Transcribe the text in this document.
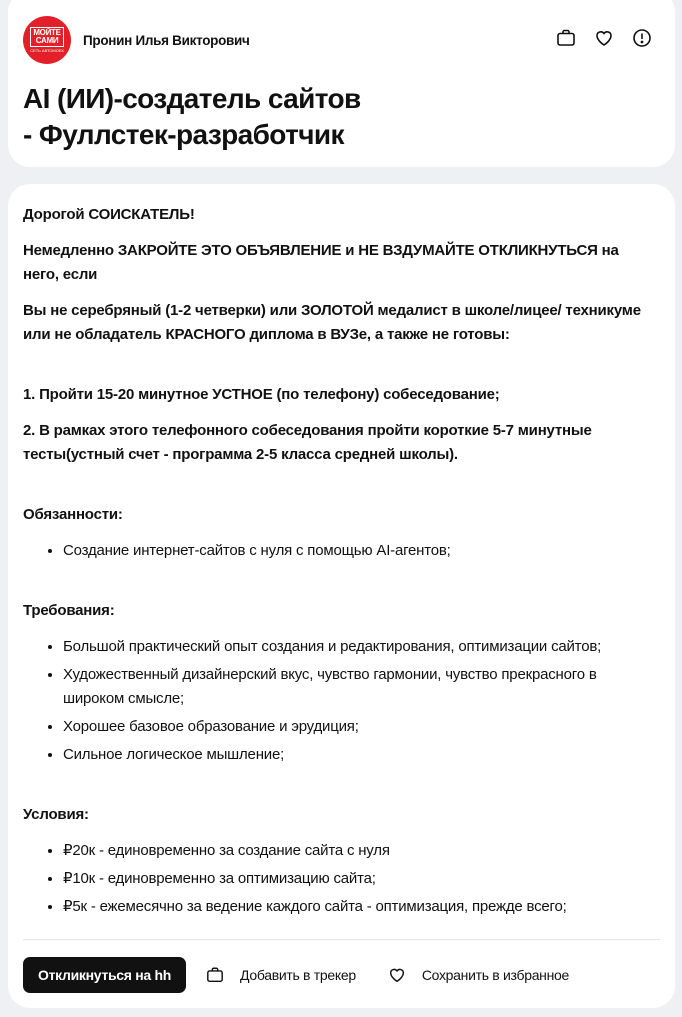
МОЙТЕ
САМИ
СЕТЬ АВТОМОЕК
Пронин Илья Викторович
AI (ИИ)-создатель сайтов
- Фуллстек-разработчик

Дорогой СОИСКАТЕЛЬ!

Немедленно ЗАКРОЙТЕ ЭТО ОБЪЯВЛЕНИЕ и НЕ ВЗДУМАЙТЕ ОТКЛИКНУТЬСЯ на него, если

Вы не серебряный (1-2 четверки) или ЗОЛОТОЙ медалист в школе/лицее/ техникуме или не обладатель КРАСНОГО диплома в ВУЗе, а также не готовы:

1. Пройти 15-20 минутное УСТНОЕ (по телефону) собеседование;

2. В рамках этого телефонного собеседования пройти короткие 5-7 минутные тесты(устный счет - программа 2-5 класса средней школы).

Обязанности:

• Создание интернет-сайтов с нуля с помощью AI-агентов;

Требования:

• Большой практический опыт создания и редактирования, оптимизации сайтов;
• Художественный дизайнерский вкус, чувство гармонии, чувство прекрасного в широком смысле;
• Хорошее базовое образование и эрудиция;
• Сильное логическое мышление;

Условия:

• ₽20к - единовременно за создание сайта с нуля
• ₽10к - единовременно за оптимизацию сайта;
• ₽5к - ежемесячно за ведение каждого сайта - оптимизация, прежде всего;
Откликнуться на hh	Добавить в трекер	Сохранить в избранное
